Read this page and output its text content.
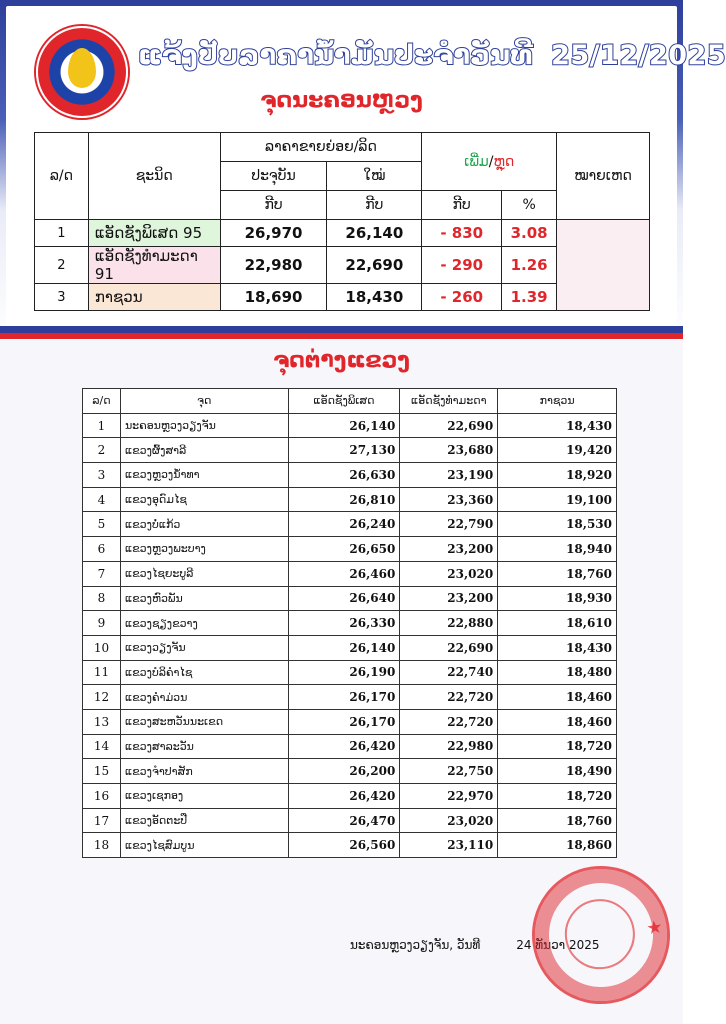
ແຈ້ງປັບລາຄານ້ຳມັນປະຈຳວັນທີ 25/12/2025
ຈຸດນະຄອນຫຼວງ
ລ/ດ	ຊະນິດ	ລາຄາຂາຍຍ່ອຍ/ລິດ		ເພີ່ມ/ຫຼຸດ		ໝາຍເຫດ
		ປະຈຸບັນ	ໃໝ່			
		ກີບ	ກີບ	ກີບ	%	
1	ແອັດຊັງພິເສດ 95	26,970	26,140	- 830	3.08	
2	ແອັດຊັງທຳມະດາ 91	22,980	22,690	- 290	1.26	
3	ກາຊວນ	18,690	18,430	- 260	1.39	
ຈຸດຕ່າງແຂວງ
ລ/ດ	ຈຸດ	ແອັດຊັງພິເສດ	ແອັດຊັງທຳມະດາ	ກາຊວນ
1	ນະຄອນຫຼວງວຽງຈັນ	26,140	22,690	18,430
2	ແຂວງຜົ້ງສາລີ	27,130	23,680	19,420
3	ແຂວງຫຼວງນ້ຳທາ	26,630	23,190	18,920
4	ແຂວງອຸດົມໄຊ	26,810	23,360	19,100
5	ແຂວງບໍ່ແກ້ວ	26,240	22,790	18,530
6	ແຂວງຫຼວງພະບາງ	26,650	23,200	18,940
7	ແຂວງໄຊຍະບູລີ	26,460	23,020	18,760
8	ແຂວງຫົວພັນ	26,640	23,200	18,930
9	ແຂວງຊຽງຂວາງ	26,330	22,880	18,610
10	ແຂວງວຽງຈັນ	26,140	22,690	18,430
11	ແຂວງບໍລິຄຳໄຊ	26,190	22,740	18,480
12	ແຂວງຄຳມ່ວນ	26,170	22,720	18,460
13	ແຂວງສະຫວັນນະເຂດ	26,170	22,720	18,460
14	ແຂວງສາລະວັນ	26,420	22,980	18,720
15	ແຂວງຈຳປາສັກ	26,200	22,750	18,490
16	ແຂວງເຊກອງ	26,420	22,970	18,720
17	ແຂວງອັດຕະປື	26,470	23,020	18,760
18	ແຂວງໄຊສົມບູນ	26,560	23,110	18,860
ນະຄອນຫຼວງວຽງຈັນ, ວັນທີ	24 ທັນວາ 2025
★
